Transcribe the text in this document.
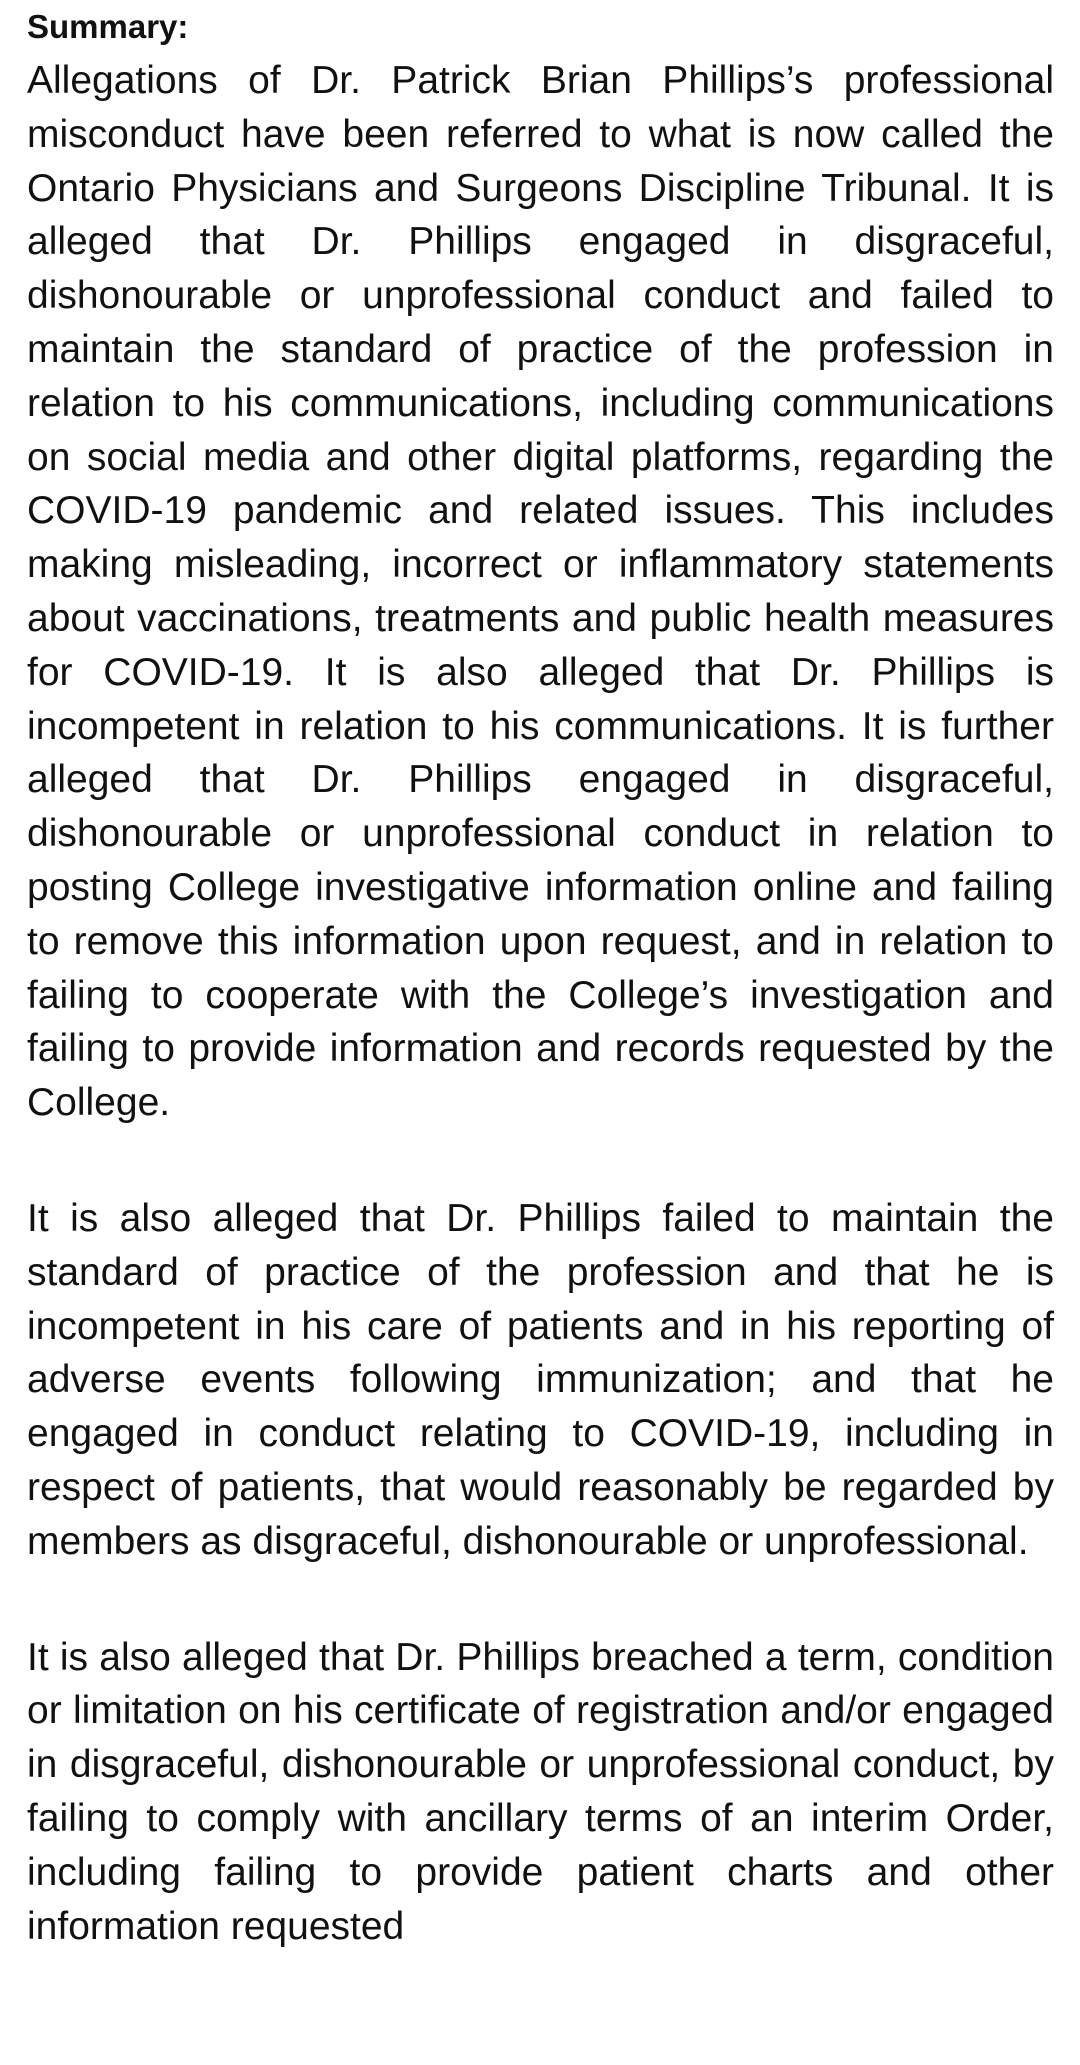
Summary:

Allegations of Dr. Patrick Brian Phillips’s professional misconduct have been referred to what is now called the Ontario Physicians and Surgeons Discipline Tribunal. It is alleged that Dr. Phillips engaged in disgraceful, dishonourable or unprofessional conduct and failed to maintain the standard of practice of the profession in relation to his communications, including communications on social media and other digital platforms, regarding the COVID-19 pandemic and related issues. This includes making misleading, incorrect or inflammatory statements about vaccinations, treatments and public health measures for COVID-19. It is also alleged that Dr. Phillips is incompetent in relation to his communications. It is further alleged that Dr. Phillips engaged in disgraceful, dishonourable or unprofessional conduct in relation to posting College investigative information online and failing to remove this information upon request, and in relation to failing to cooperate with the College’s investigation and failing to provide information and records requested by the College.

It is also alleged that Dr. Phillips failed to maintain the standard of practice of the profession and that he is incompetent in his care of patients and in his reporting of adverse events following immunization; and that he engaged in conduct relating to COVID-19, including in respect of patients, that would reasonably be regarded by members as disgraceful, dishonourable or unprofessional.

It is also alleged that Dr. Phillips breached a term, condition or limitation on his certificate of registration and/or engaged in disgraceful, dishonourable or unprofessional conduct, by failing to comply with ancillary terms of an interim Order, including failing to provide patient charts and other information requested
